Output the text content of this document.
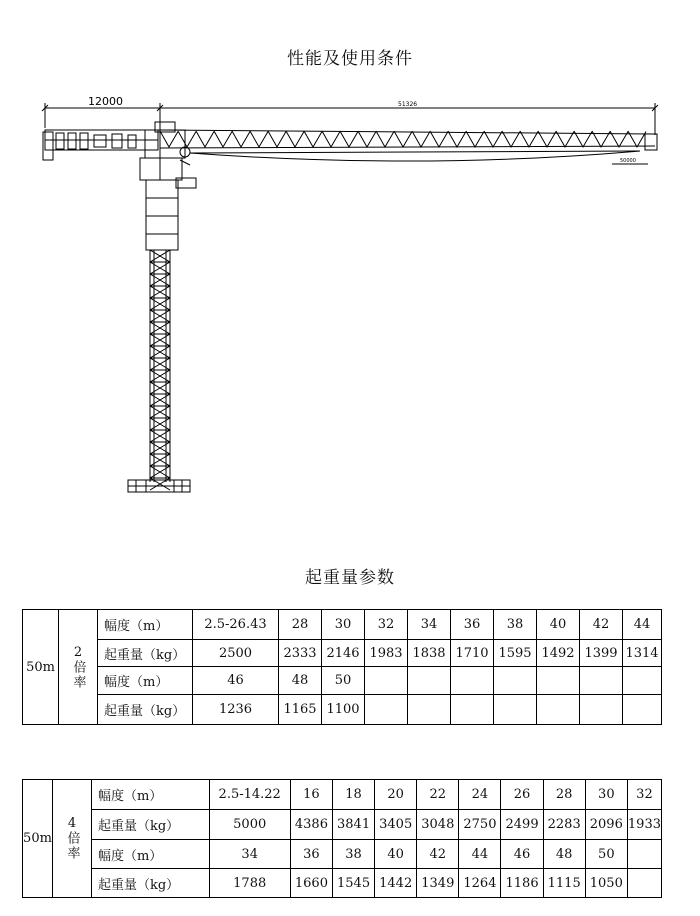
性能及使用条件
12000	51326
50000
起重量参数
50m	2
倍率	幅度（m）	2.5-26.43	28	30	32	34	36	38	40	42	44
		起重量（kg）	2500	2333	2146	1983	1838	1710	1595	1492	1399	1314
		幅度（m）	46	48	50							
		起重量（kg）	1236	1165	1100							
50m	4
倍率	幅度（m）	2.5-14.22	16	18	20	22	24	26	28	30	32
		起重量（kg）	5000	4386	3841	3405	3048	2750	2499	2283	2096	1933
		幅度（m）	34	36	38	40	42	44	46	48	50	
		起重量（kg）	1788	1660	1545	1442	1349	1264	1186	1115	1050	
